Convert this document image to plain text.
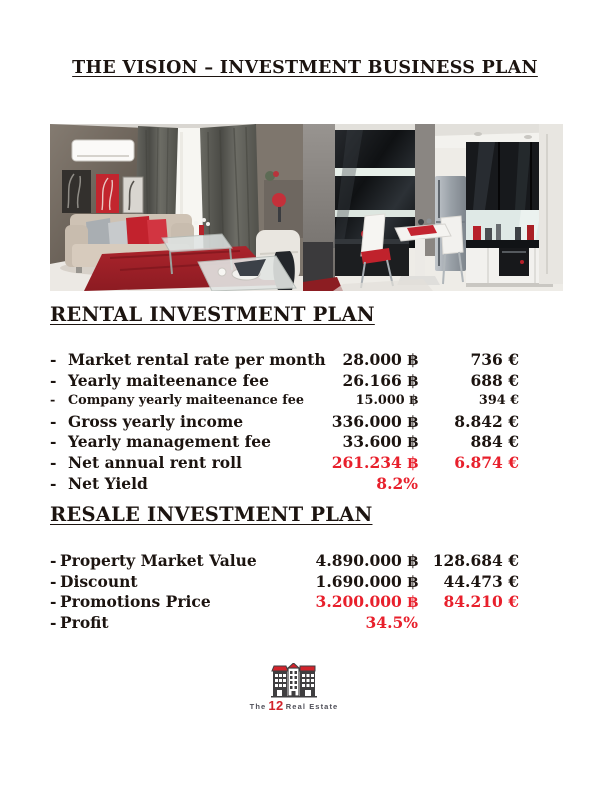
THE VISION – INVESTMENT BUSINESS PLAN
RENTAL INVESTMENT PLAN
- Market rental rate per month	28.000 ฿	736 €
- Yearly maiteenance fee	26.166 ฿	688 €
- Company yearly maiteenance fee	15.000 ฿	394 €
- Gross yearly income	336.000 ฿	8.842 €
- Yearly management fee	33.600 ฿	884 €
- Net annual rent roll	261.234 ฿	6.874 €
- Net Yield	8.2%
RESALE INVESTMENT PLAN
- Property Market Value	4.890.000 ฿ 128.684 €
- Discount	1.690.000 ฿	44.473 €
- Promotions Price	3.200.000 ฿	84.210 €
- Profit	34.5%
The 12 Real Estate
